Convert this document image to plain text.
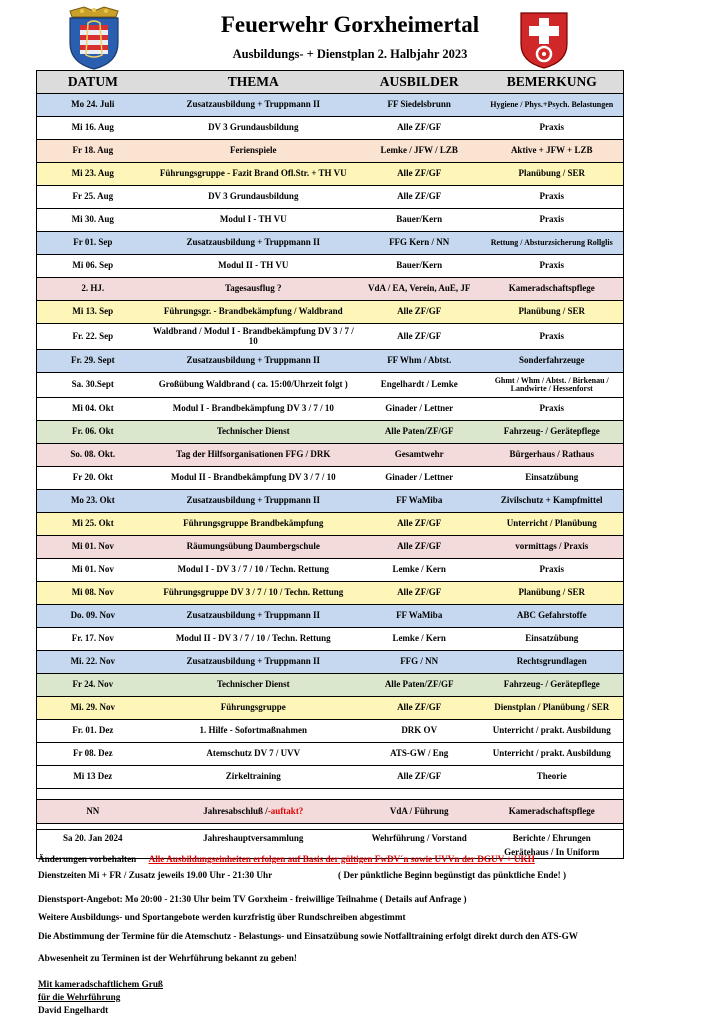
Feuerwehr Gorxheimertal
Ausbildungs- + Dienstplan 2. Halbjahr 2023
DATUM	THEMA	AUSBILDER	BEMERKUNG
Mo 24. Juli	Zusatzausbildung + Truppmann II	FF Siedelsbrunn	Hygiene / Phys.+Psych. Belastungen
Mi 16. Aug	DV 3 Grundausbildung	Alle ZF/GF	Praxis
Fr 18. Aug	Ferienspiele	Lemke / JFW / LZB	Aktive + JFW + LZB
Mi 23. Aug	Führungsgruppe - Fazit Brand Ofl.Str. + TH VU	Alle ZF/GF	Planübung / SER
Fr 25. Aug	DV 3 Grundausbildung	Alle ZF/GF	Praxis
Mi 30. Aug	Modul I - TH VU	Bauer/Kern	Praxis
Fr 01. Sep	Zusatzausbildung + Truppmann II	FFG Kern / NN	Rettung / Absturzsicherung Rollglis
Mi 06. Sep	Modul II - TH VU	Bauer/Kern	Praxis
2. HJ.	Tagesausflug ?	VdA / EA, Verein, AuE, JF	Kameradschaftspflege
Mi 13. Sep	Führungsgr. - Brandbekämpfung / Waldbrand	Alle ZF/GF	Planübung / SER
Fr. 22. Sep	Waldbrand / Modul I - Brandbekämpfung DV 3 / 7 / 10	Alle ZF/GF	Praxis
Fr. 29. Sept	Zusatzausbildung + Truppmann II	FF Whm / Abtst.	Sonderfahrzeuge
Sa. 30.Sept	Großübung Waldbrand ( ca. 15:00/Uhrzeit folgt )	Engelhardt / Lemke	Ghmt / Whm / Abtst. / Birkenau / Landwirte / Hessenforst
Mi 04. Okt	Modul I - Brandbekämpfung DV 3 / 7 / 10	Ginader / Lettner	Praxis
Fr. 06. Okt	Technischer Dienst	Alle Paten/ZF/GF	Fahrzeug- / Gerätepflege
So. 08. Okt.	Tag der Hilfsorganisationen FFG / DRK	Gesamtwehr	Bürgerhaus / Rathaus
Fr 20. Okt	Modul II - Brandbekämpfung DV 3 / 7 / 10	Ginader / Lettner	Einsatzübung
Mo 23. Okt	Zusatzausbildung + Truppmann II	FF WaMiba	Zivilschutz + Kampfmittel
Mi 25. Okt	Führungsgruppe Brandbekämpfung	Alle ZF/GF	Unterricht / Planübung
Mi 01. Nov	Räumungsübung Daumbergschule	Alle ZF/GF	vormittags / Praxis
Mi 01. Nov	Modul I - DV 3 / 7 / 10 / Techn. Rettung	Lemke / Kern	Praxis
Mi 08. Nov	Führungsgruppe DV 3 / 7 / 10 / Techn. Rettung	Alle ZF/GF	Planübung / SER
Do. 09. Nov	Zusatzausbildung + Truppmann II	FF WaMiba	ABC Gefahrstoffe
Fr. 17. Nov	Modul II - DV 3 / 7 / 10 / Techn. Rettung	Lemke / Kern	Einsatzübung
Mi. 22. Nov	Zusatzausbildung + Truppmann II	FFG / NN	Rechtsgrundlagen
Fr 24. Nov	Technischer Dienst	Alle Paten/ZF/GF	Fahrzeug- / Gerätepflege
Mi. 29. Nov	Führungsgruppe	Alle ZF/GF	Dienstplan / Planübung / SER
Fr. 01. Dez	1. Hilfe - Sofortmaßnahmen	DRK OV	Unterricht / prakt. Ausbildung
Fr 08. Dez	Atemschutz DV 7 / UVV	ATS-GW / Eng	Unterricht / prakt. Ausbildung
Mi 13 Dez	Zirkeltraining	Alle ZF/GF	Theorie
NN	Jahresabschluß / -auftakt?	VdA / Führung	Kameradschaftspflege
Sa 20. Jan 2024	Jahreshauptversammlung	Wehrführung / Vorstand	Berichte / Ehrungen
Gerätehaus / In Uniform
Änderungen vorbehalten Alle Ausbildungseinheiten erfolgen auf Basis der gültigen FwDV´n sowie UVVn der DGUV + UKH
Dienstzeiten Mi + FR / Zusatz jeweils 19.00 Uhr - 21:30 Uhr	( Der pünktliche Beginn begünstigt das pünktliche Ende! )
Dienstsport-Angebot: Mo 20:00 - 21:30 Uhr beim TV Gorxheim - freiwillige Teilnahme ( Details auf Anfrage )
Weitere Ausbildungs- und Sportangebote werden kurzfristig über Rundschreiben abgestimmt
Die Abstimmung der Termine für die Atemschutz - Belastungs- und Einsatzübung sowie Notfalltraining erfolgt direkt durch den ATS-GW
Abwesenheit zu Terminen ist der Wehrführung bekannt zu geben!
Mit kameradschaftlichem Gruß
für die Wehrführung
David Engelhardt
